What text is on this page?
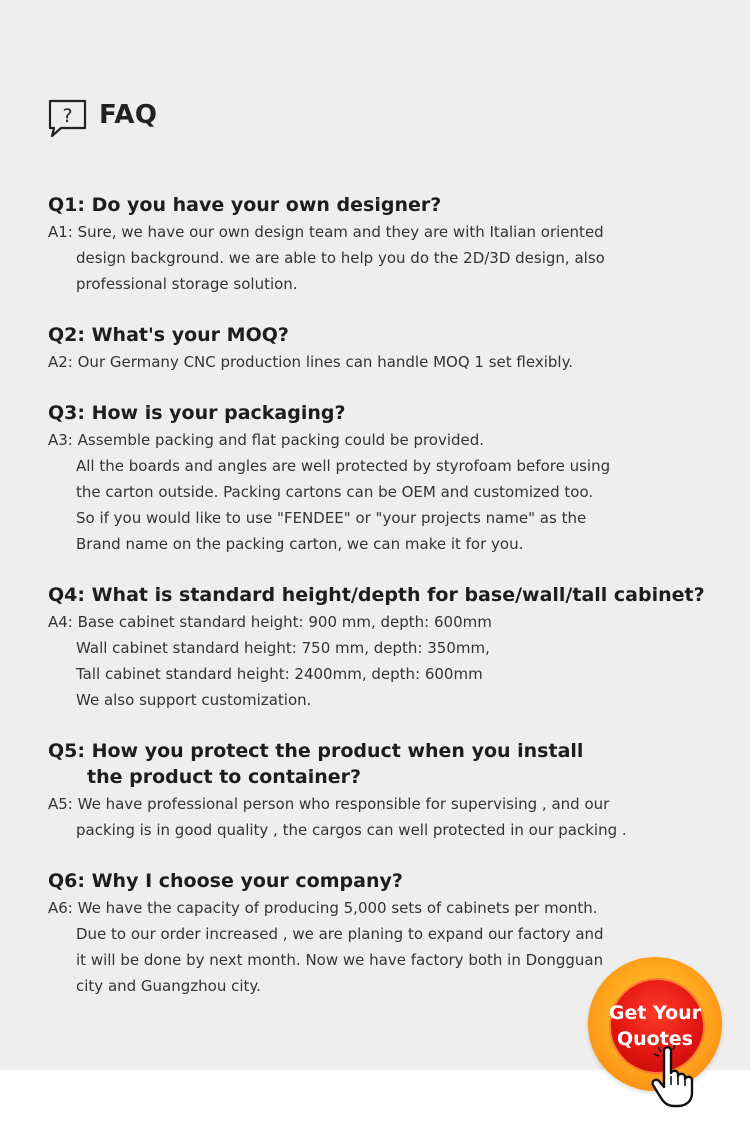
? FAQ
Q1: Do you have your own designer?
A1: Sure, we have our own design team and they are with Italian oriented
design background. we are able to help you do the 2D/3D design, also
professional storage solution.
Q2: What's your MOQ?
A2: Our Germany CNC production lines can handle MOQ 1 set flexibly.
Q3: How is your packaging?
A3: Assemble packing and flat packing could be provided.
All the boards and angles are well protected by styrofoam before using
the carton outside. Packing cartons can be OEM and customized too.
So if you would like to use "FENDEE" or "your projects name" as the
Brand name on the packing carton, we can make it for you.
Q4: What is standard height/depth for base/wall/tall cabinet?
A4: Base cabinet standard height: 900 mm, depth: 600mm
Wall cabinet standard height: 750 mm, depth: 350mm,
Tall cabinet standard height: 2400mm, depth: 600mm
We also support customization.
Q5: How you protect the product when you install
the product to container?
A5: We have professional person who responsible for supervising , and our
packing is in good quality , the cargos can well protected in our packing .
Q6: Why I choose your company?
A6: We have the capacity of producing 5,000 sets of cabinets per month.
Due to our order increased , we are planing to expand our factory and
it will be done by next month. Now we have factory both in Dongguan
city and Guangzhou city.
Get Your
Quotes
